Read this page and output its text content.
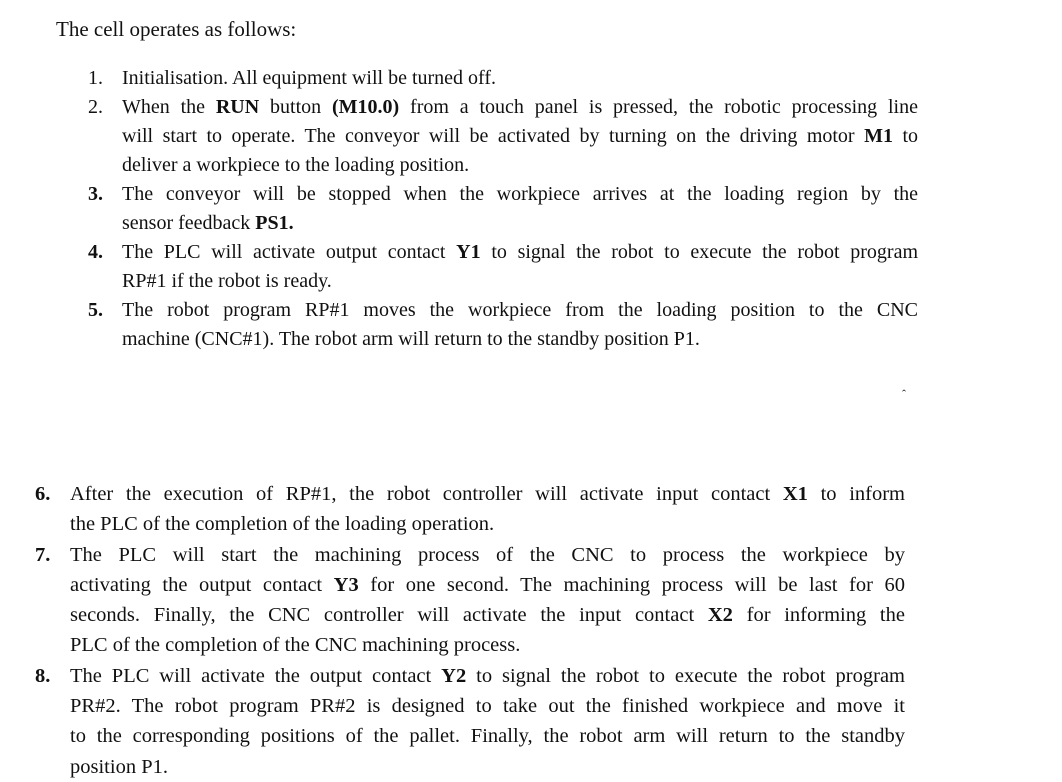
The cell operates as follows:
1. Initialisation. All equipment will be turned off.
2. When the RUN button (M10.0) from a touch panel is pressed, the robotic processing line
will start to operate. The conveyor will be activated by turning on the driving motor M1 to
deliver a workpiece to the loading position.
3. The conveyor will be stopped when the workpiece arrives at the loading region by the
sensor feedback PS1.
4. The PLC will activate output contact Y1 to signal the robot to execute the robot program
RP#1 if the robot is ready.
5. The robot program RP#1 moves the workpiece from the loading position to the CNC
machine (CNC#1). The robot arm will return to the standby position P1.
ˆ
6. After the execution of RP#1, the robot controller will activate input contact X1 to inform
the PLC of the completion of the loading operation.
7. The PLC will start the machining process of the CNC to process the workpiece by
activating the output contact Y3 for one second. The machining process will be last for 60
seconds. Finally, the CNC controller will activate the input contact X2 for informing the
PLC of the completion of the CNC machining process.
8. The PLC will activate the output contact Y2 to signal the robot to execute the robot program
PR#2. The robot program PR#2 is designed to take out the finished workpiece and move it
to the corresponding positions of the pallet. Finally, the robot arm will return to the standby
position P1.
